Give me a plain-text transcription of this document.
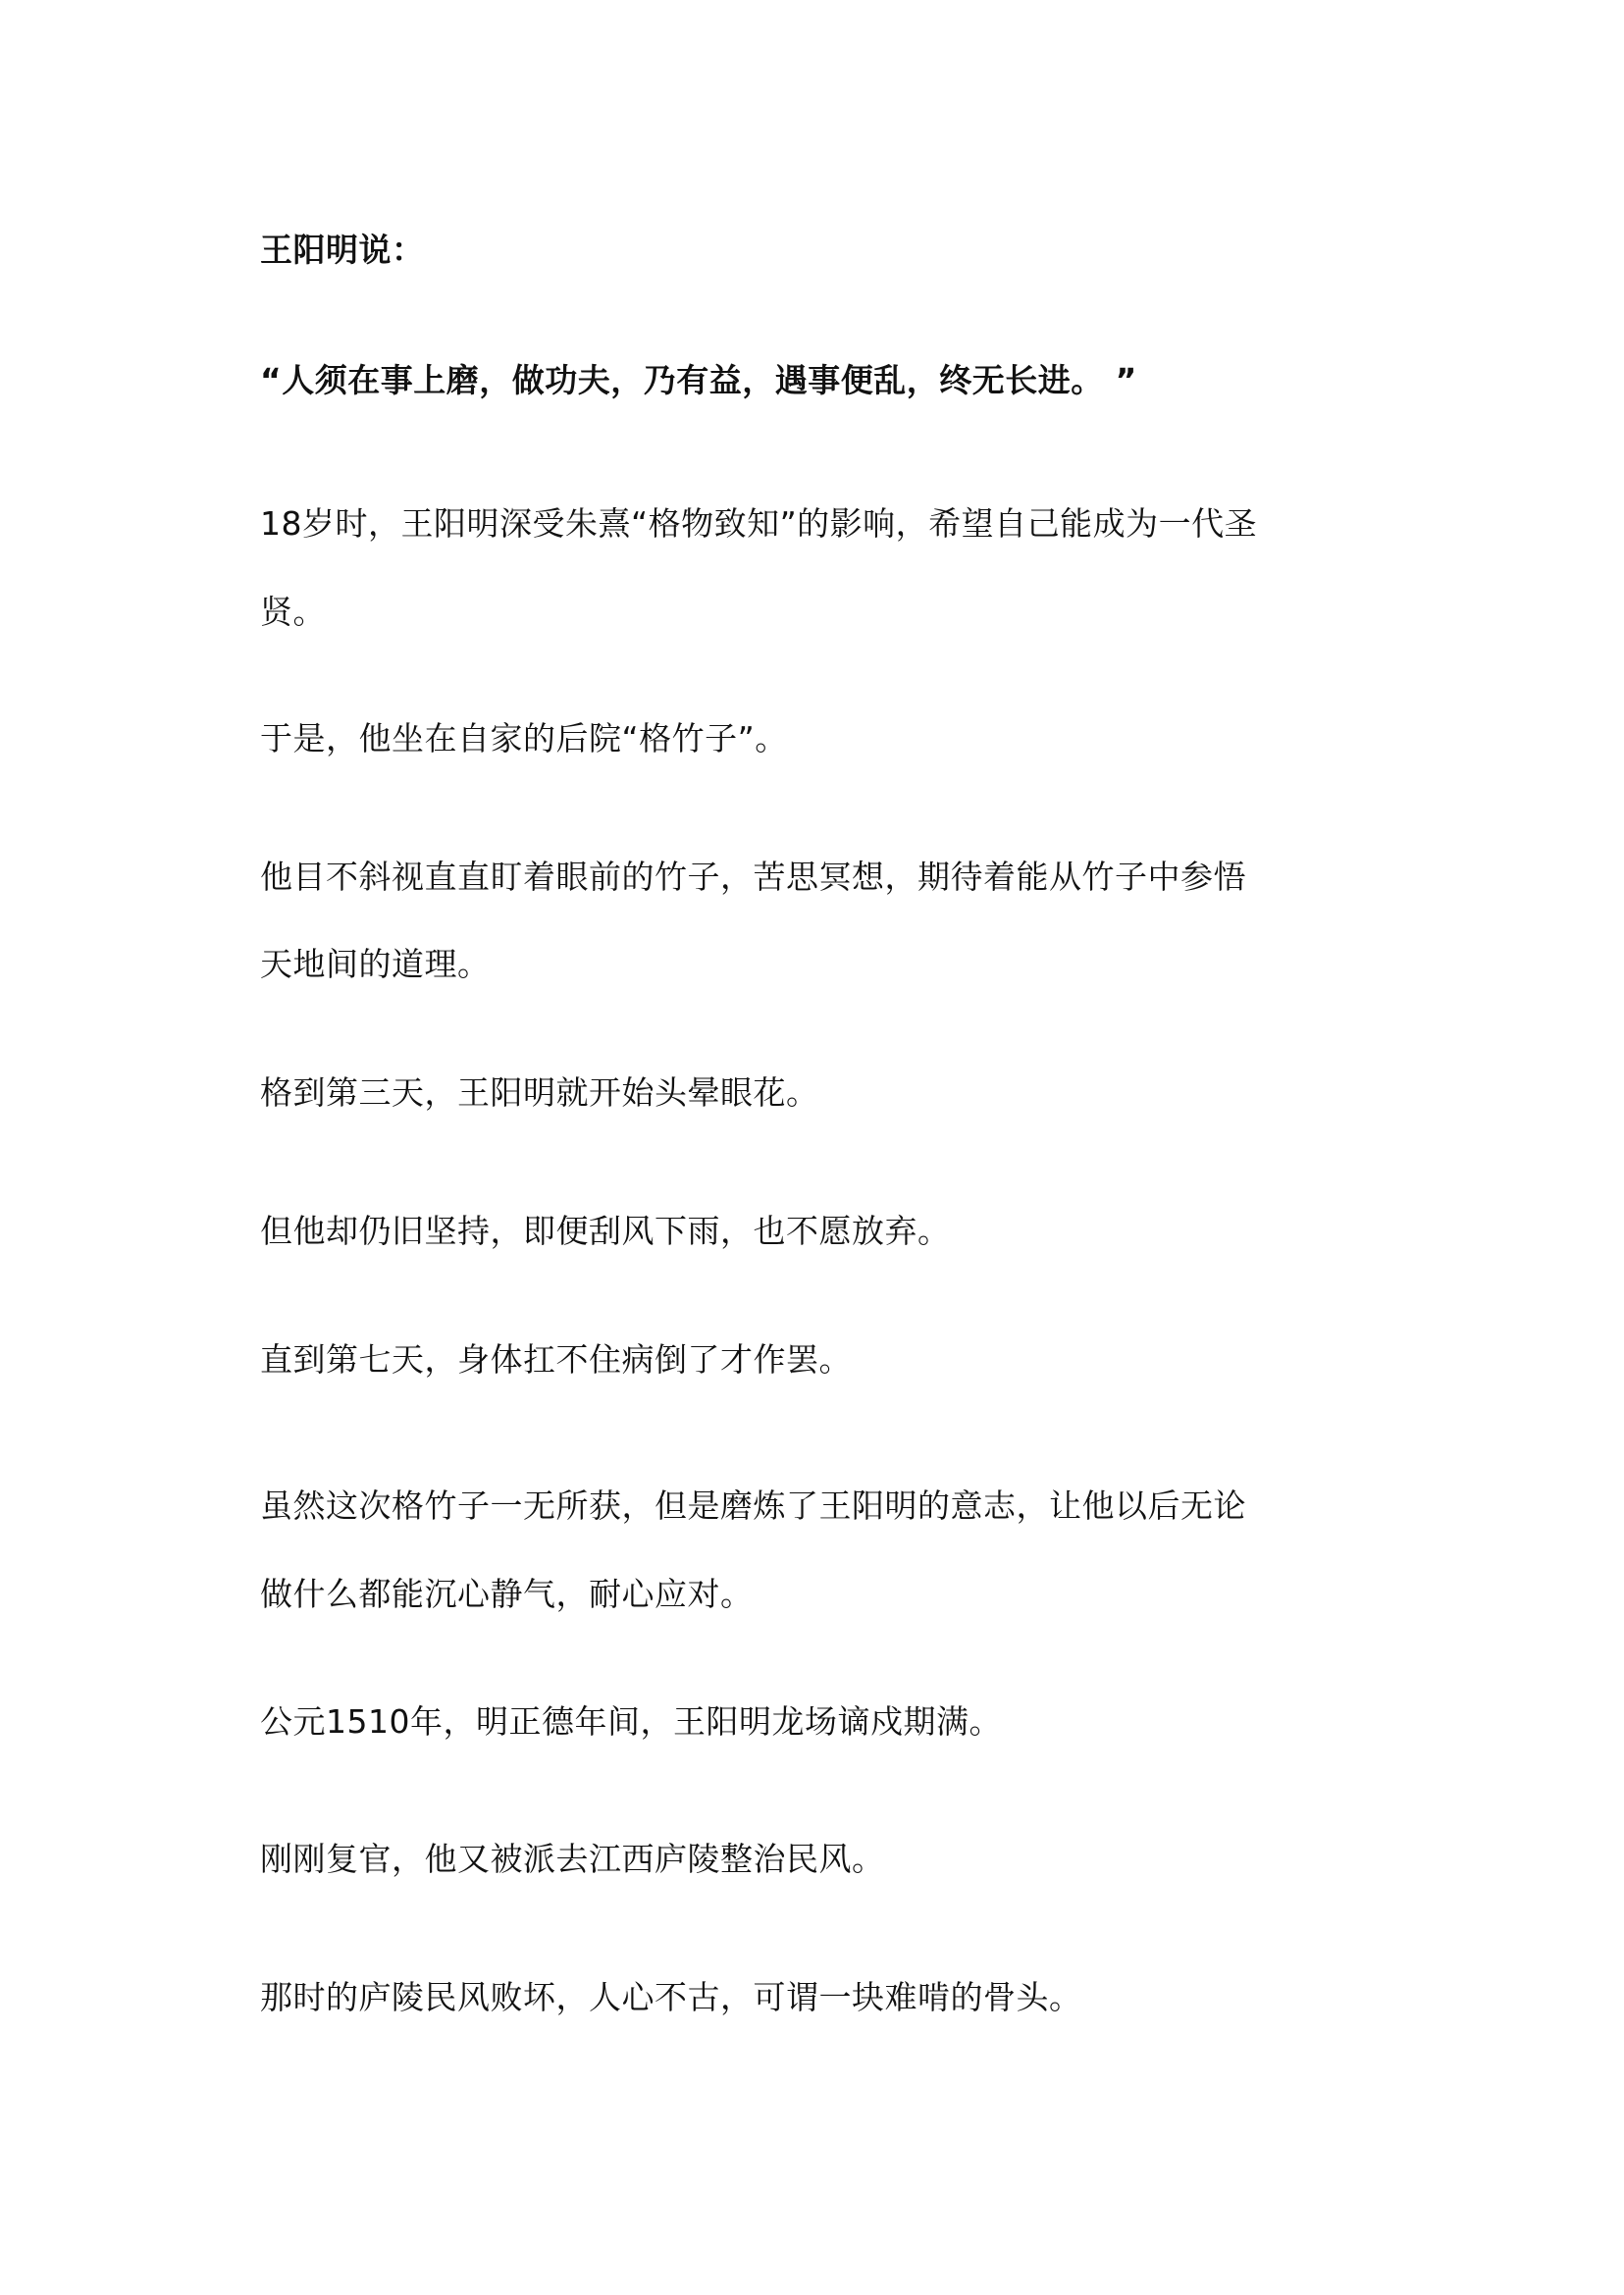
王阳明说：

“人须在事上磨，做功夫，乃有益，遇事便乱，终无长进。 ”

18岁时，王阳明深受朱熹“格物致知”的影响，希望自己能成为一代圣

贤。

于是，他坐在自家的后院“格竹子”。

他目不斜视直直盯着眼前的竹子，苦思冥想，期待着能从竹子中参悟

天地间的道理。

格到第三天，王阳明就开始头晕眼花。

但他却仍旧坚持，即便刮风下雨，也不愿放弃。

直到第七天，身体扛不住病倒了才作罢。

虽然这次格竹子一无所获，但是磨炼了王阳明的意志，让他以后无论

做什么都能沉心静气，耐心应对。

公元1510年，明正德年间，王阳明龙场谪戍期满。

刚刚复官，他又被派去江西庐陵整治民风。

那时的庐陵民风败坏，人心不古，可谓一块难啃的骨头。
